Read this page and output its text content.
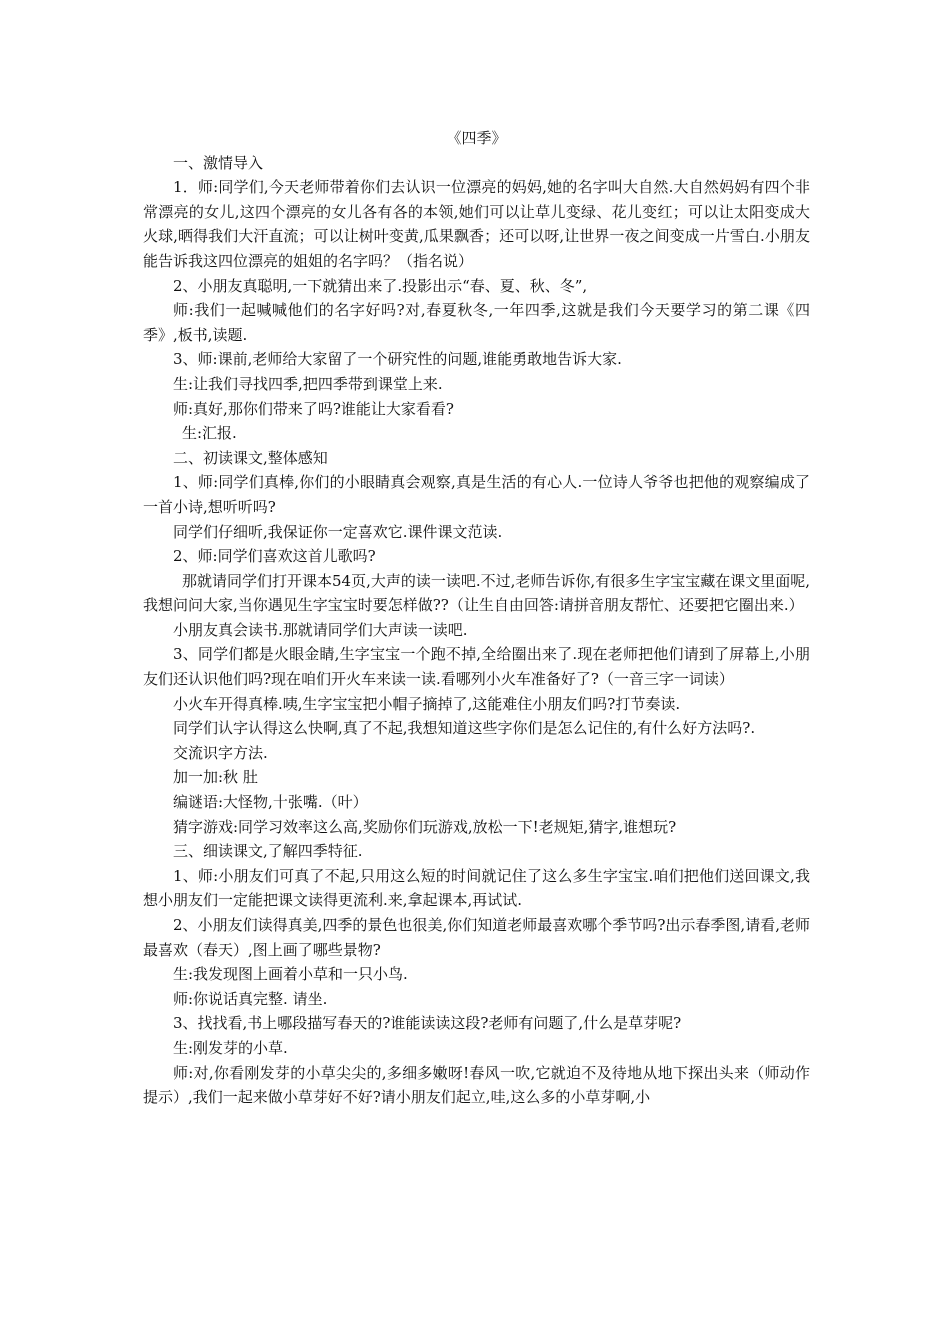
《四季》

一、激情导入

1．师:同学们,今天老师带着你们去认识一位漂亮的妈妈,她的名字叫大自然.大自然妈妈有四个非常漂亮的女儿,这四个漂亮的女儿各有各的本领,她们可以让草儿变绿、花儿变红；可以让太阳变成大火球,晒得我们大汗直流；可以让树叶变黄,瓜果飘香；还可以呀,让世界一夜之间变成一片雪白.小朋友能告诉我这四位漂亮的姐姐的名字吗？（指名说）

2、小朋友真聪明,一下就猜出来了.投影出示“春、夏、秋、冬”,

师:我们一起喊喊他们的名字好吗?对,春夏秋冬,一年四季,这就是我们今天要学习的第二课《四季》,板书,读题.

3、师:课前,老师给大家留了一个研究性的问题,谁能勇敢地告诉大家.

生:让我们寻找四季,把四季带到课堂上来.

师:真好,那你们带来了吗?谁能让大家看看?

生:汇报.

二、初读课文,整体感知

1、师:同学们真棒,你们的小眼睛真会观察,真是生活的有心人.一位诗人爷爷也把他的观察编成了一首小诗,想听听吗?

同学们仔细听,我保证你一定喜欢它.课件课文范读.

2、师:同学们喜欢这首儿歌吗?

那就请同学们打开课本54页,大声的读一读吧.不过,老师告诉你,有很多生字宝宝藏在课文里面呢,我想问问大家,当你遇见生字宝宝时要怎样做??（让生自由回答:请拼音朋友帮忙、还要把它圈出来.）

小朋友真会读书.那就请同学们大声读一读吧.

3、同学们都是火眼金睛,生字宝宝一个跑不掉,全给圈出来了.现在老师把他们请到了屏幕上,小朋友们还认识他们吗?现在咱们开火车来读一读.看哪列小火车准备好了?（一音三字一词读）

小火车开得真棒.咦,生字宝宝把小帽子摘掉了,这能难住小朋友们吗?打节奏读.

同学们认字认得这么快啊,真了不起,我想知道这些字你们是怎么记住的,有什么好方法吗?.

交流识字方法.

加一加:秋 肚

编谜语:大怪物,十张嘴.（叶）

猜字游戏:同学习效率这么高,奖励你们玩游戏,放松一下!老规矩,猜字,谁想玩?

三、细读课文,了解四季特征.

1、师:小朋友们可真了不起,只用这么短的时间就记住了这么多生字宝宝.咱们把他们送回课文,我想小朋友们一定能把课文读得更流利.来,拿起课本,再试试.

2、小朋友们读得真美,四季的景色也很美,你们知道老师最喜欢哪个季节吗?出示春季图,请看,老师最喜欢（春天）,图上画了哪些景物?

生:我发现图上画着小草和一只小鸟.

师:你说话真完整. 请坐.

3、找找看,书上哪段描写春天的?谁能读读这段?老师有问题了,什么是草芽呢?

生:刚发芽的小草.

师:对,你看刚发芽的小草尖尖的,多细多嫩呀!春风一吹,它就迫不及待地从地下探出头来（师动作提示）,我们一起来做小草芽好不好?请小朋友们起立,哇,这么多的小草芽啊,小
